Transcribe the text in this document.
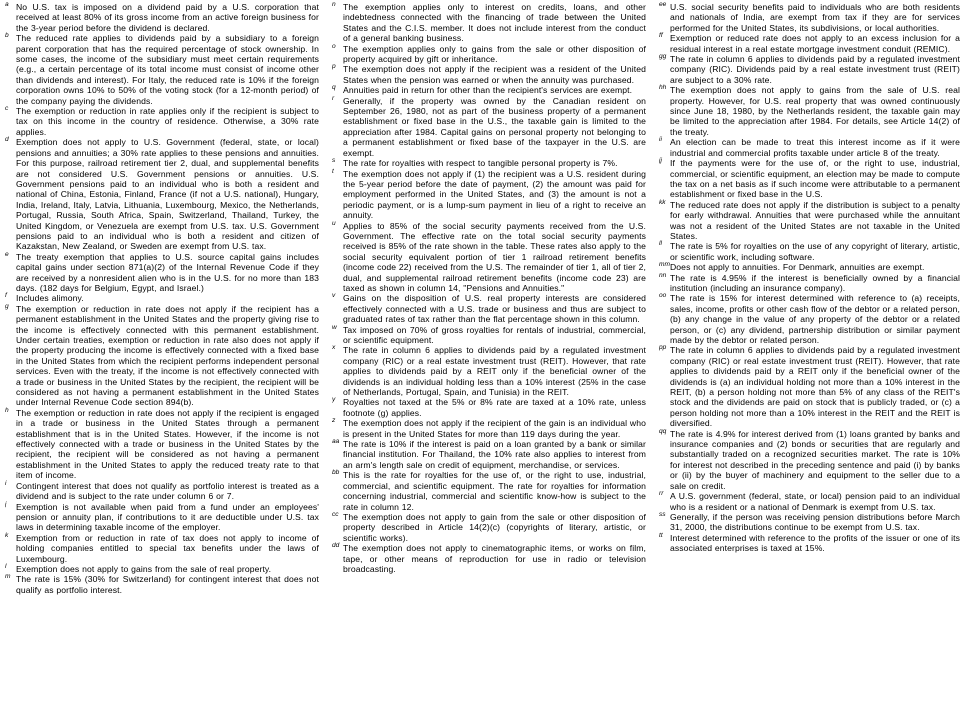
a No U.S. tax is imposed on a dividend paid by a U.S. corporation that received at least 80% of its gross income from an active foreign business for the 3-year period before the dividend is declared.
b The reduced rate applies to dividends paid by a subsidiary to a foreign parent corporation that has the required percentage of stock ownership. In some cases, the income of the subsidiary must meet certain requirements (e.g., a certain percentage of its total income must consist of income other than dividends and interest). For Italy, the reduced rate is 10% if the foreign corporation owns 10% to 50% of the voting stock (for a 12-month period) of the company paying the dividends.
c The exemption or reduction in rate applies only if the recipient is subject to tax on this income in the country of residence. Otherwise, a 30% rate applies.
d Exemption does not apply to U.S. Government (federal, state, or local) pensions and annuities; a 30% rate applies to these pensions and annuities. For this purpose, railroad retirement tier 2, dual, and supplemental benefits are not considered U.S. Government pensions or annuities. U.S. Government pensions paid to an individual who is both a resident and national of China, Estonia, Finland, France (if not a U.S. national), Hungary, India, Ireland, Italy, Latvia, Lithuania, Luxembourg, Mexico, the Netherlands, Portugal, Russia, South Africa, Spain, Switzerland, Thailand, Turkey, the United Kingdom, or Venezuela are exempt from U.S. tax. U.S. Government pensions paid to an individual who is both a resident and citizen of Kazakstan, New Zealand, or Sweden are exempt from U.S. tax.
e The treaty exemption that applies to U.S. source capital gains includes capital gains under section 871(a)(2) of the Internal Revenue Code if they are received by a nonresident alien who is in the U.S. for no more than 183 days. (182 days for Belgium, Egypt, and Israel.)
f	Includes alimony.
g The exemption or reduction in rate does not apply if the recipient has a permanent establishment in the United States and the property giving rise to the income is effectively connected with this permanent establishment. Under certain treaties, exemption or reduction in rate also does not apply if the property producing the income is effectively connected with a fixed base in the United States from which the recipient performs independent personal services. Even with the treaty, if the income is not effectively connected with a trade or business in the United States by the recipient, the recipient will be considered as not having a permanent establishment in the United States under Internal Revenue Code section 894(b).
h The exemption or reduction in rate does not apply if the recipient is engaged in a trade or business in the United States through a permanent establishment that is in the United States. However, if the income is not effectively connected with a trade or business in the United States by the recipient, the recipient will be considered as not having a permanent establishment in the United States to apply the reduced treaty rate to that item of income.
i	Contingent interest that does not qualify as portfolio interest is treated as a dividend and is subject to the rate under column 6 or 7.
j	Exemption is not available when paid from a fund under an employees' pension or annuity plan, if contributions to it are deductible under U.S. tax laws in determining taxable income of the employer.
k Exemption from or reduction in rate of tax does not apply to income of holding companies entitled to special tax benefits under the laws of Luxembourg.
l	Exemption does not apply to gains from the sale of real property.
m The rate is 15% (30% for Switzerland) for contingent interest that does not qualify as portfolio interest.
n The exemption applies only to interest on credits, loans, and other indebtedness connected with the financing of trade between the United States and the C.I.S. member. It does not include interest from the conduct of a general banking business.
o The exemption applies only to gains from the sale or other disposition of property acquired by gift or inheritance.
p The exemption does not apply if the recipient was a resident of the United States when the pension was earned or when the annuity was purchased.
q Annuities paid in return for other than the recipient's services are exempt.
r	Generally, if the property was owned by the Canadian resident on September 26, 1980, not as part of the business property of a permanent establishment or fixed base in the U.S., the taxable gain is limited to the appreciation after 1984. Capital gains on personal property not belonging to a permanent establishment or fixed base of the taxpayer in the U.S. are exempt.
s The rate for royalties with respect to tangible personal property is 7%.
t	The exemption does not apply if (1) the recipient was a U.S. resident during the 5-year period before the date of payment, (2) the amount was paid for employment performed in the United States, and (3) the amount is not a periodic payment, or is a lump-sum payment in lieu of a right to receive an annuity.
u Applies to 85% of the social security payments received from the U.S. Government. The effective rate on the total social security payments received is 85% of the rate shown in the table. These rates also apply to the social security equivalent portion of tier 1 railroad retirement benefits (income code 22) received from the U.S. The remainder of tier 1, all of tier 2, dual, and supplemental railroad retirement benefits (income code 23) are taxed as shown in column 14, "Pensions and Annuities."
v Gains on the disposition of U.S. real property interests are considered effectively connected with a U.S. trade or business and thus are subject to graduated rates of tax rather than the flat percentage shown in this column.
w Tax imposed on 70% of gross royalties for rentals of industrial, commercial, or scientific equipment.
x The rate in column 6 applies to dividends paid by a regulated investment company (RIC) or a real estate investment trust (REIT). However, that rate applies to dividends paid by a REIT only if the beneficial owner of the dividends is an individual holding less than a 10% interest (25% in the case of Netherlands, Portugal, Spain, and Tunisia) in the REIT.
y Royalties not taxed at the 5% or 8% rate are taxed at a 10% rate, unless footnote (g) applies.
z The exemption does not apply if the recipient of the gain is an individual who is present in the United States for more than 119 days during the year.
aa The rate is 10% if the interest is paid on a loan granted by a bank or similar financial institution. For Thailand, the 10% rate also applies to interest from an arm's length sale on credit of equipment, merchandise, or services.
bb This is the rate for royalties for the use of, or the right to use, industrial, commercial, and scientific equipment. The rate for royalties for information concerning industrial, commercial and scientific know-how is subject to the rate in column 12.
cc The exemption does not apply to gain from the sale or other disposition of property described in Article 14(2)(c) (copyrights of literary, artistic, or scientific works).
dd The exemption does not apply to cinematographic items, or works on film, tape, or other means of reproduction for use in radio or television broadcasting.
ee U.S. social security benefits paid to individuals who are both residents and nationals of India, are exempt from tax if they are for services performed for the United States, its subdivisions, or local authorities.
ff Exemption or reduced rate does not apply to an excess inclusion for a residual interest in a real estate mortgage investment conduit (REMIC).
gg The rate in column 6 applies to dividends paid by a regulated investment company (RIC). Dividends paid by a real estate investment trust (REIT) are subject to a 30% rate.
hh The exemption does not apply to gains from the sale of U.S. real property. However, for U.S. real property that was owned continuously since June 18, 1980, by the Netherlands resident, the taxable gain may be limited to the appreciation after 1984. For details, see Article 14(2) of the treaty.
ii An election can be made to treat this interest income as if it were industrial and commercial profits taxable under article 8 of the treaty.
jj If the payments were for the use of, or the right to use, industrial, commercial, or scientific equipment, an election may be made to compute the tax on a net basis as if such income were attributable to a permanent establishment or fixed base in the U.S.
kk The reduced rate does not apply if the distribution is subject to a penalty for early withdrawal. Annuities that were purchased while the annuitant was not a resident of the United States are not taxable in the United States.
ll The rate is 5% for royalties on the use of any copyright of literary, artistic, or scientific work, including software.
mm Does not apply to annuities. For Denmark, annuities are exempt.
nn The rate is 4.95% if the interest is beneficially owned by a financial institution (including an insurance company).
oo The rate is 15% for interest determined with reference to (a) receipts, sales, income, profits or other cash flow of the debtor or a related person, (b) any change in the value of any property of the debtor or a related person, or (c) any dividend, partnership distribution or similar payment made by the debtor or related person.
pp The rate in column 6 applies to dividends paid by a regulated investment company (RIC) or real estate investment trust (REIT). However, that rate applies to dividends paid by a REIT only if the beneficial owner of the dividends is (a) an individual holding not more than a 10% interest in the REIT, (b) a person holding not more than 5% of any class of the REIT's stock and the dividends are paid on stock that is publicly traded, or (c) a person holding not more than a 10% interest in the REIT and the REIT is diversified.
qq The rate is 4.9% for interest derived from (1) loans granted by banks and insurance companies and (2) bonds or securities that are regularly and substantially traded on a recognized securities market. The rate is 10% for interest not described in the preceding sentence and paid (i) by banks or (ii) by the buyer of machinery and equipment to the seller due to a sale on credit.
rr A U.S. government (federal, state, or local) pension paid to an individual who is a resident or a national of Denmark is exempt from U.S. tax.
ss Generally, if the person was receiving pension distributions before March 31, 2000, the distributions continue to be exempt from U.S. tax.
tt Interest determined with reference to the profits of the issuer or one of its associated enterprises is taxed at 15%.
